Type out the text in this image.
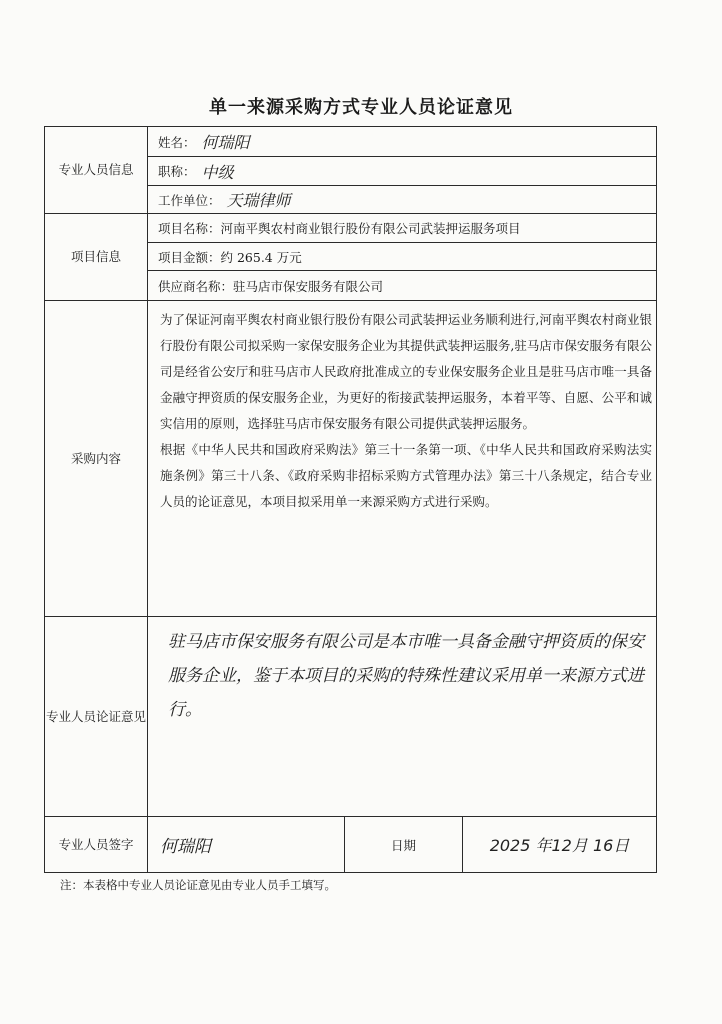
单一来源采购方式专业人员论证意见
专业人员信息	
姓名： 何瑞阳

职称： 中级

工作单位： 天瑞律师

项目信息	项目名称：河南平舆农村商业银行股份有限公司武装押运服务项目
项目金额：约 265.4 万元
供应商名称：驻马店市保安服务有限公司
采购内容	

为了保证河南平舆农村商业银行股份有限公司武装押运业务顺利进行,河南平舆农村商业银行股份有限公司拟采购一家保安服务企业为其提供武装押运服务,驻马店市保安服务有限公司是经省公安厅和驻马店市人民政府批准成立的专业保安服务企业且是驻马店市唯一具备金融守押资质的保安服务企业，为更好的衔接武装押运服务，本着平等、自愿、公平和诚实信用的原则，选择驻马店市保安服务有限公司提供武装押运服务。

根据《中华人民共和国政府采购法》第三十一条第一项、《中华人民共和国政府采购法实施条例》第三十八条、《政府采购非招标采购方式管理办法》第三十八条规定，结合专业人员的论证意见，本项目拟采用单一来源采购方式进行采购。

专业人员论证意见	驻马店市保安服务有限公司是本市唯一具备金融守押资质的保安服务企业，鉴于本项目的采购的特殊性建议采用单一来源方式进行。
专业人员签字	何瑞阳	日期	2025 年12月 16日
注：本表格中专业人员论证意见由专业人员手工填写。
